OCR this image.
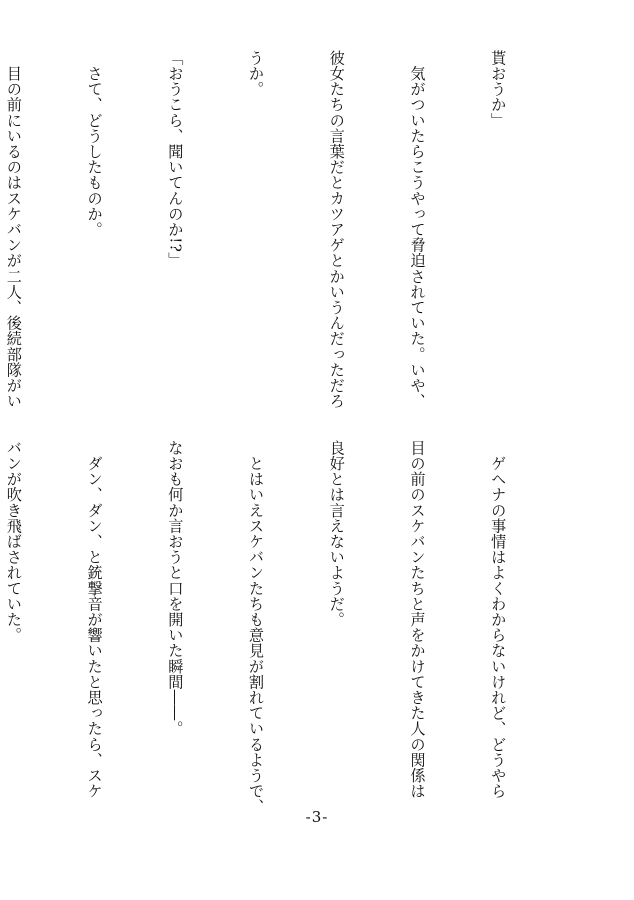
貰おうか」

　気がついたらこうやって脅迫されていた。いや、

彼女たちの言葉だとカツアゲとかいうんだっただろ

うか。

「おうこら、聞いてんのか!?」

　さて、どうしたものか。

　目の前にいるのはスケバンが二人、後続部隊がい

　ゲヘナの事情はよくわからないけれど、どうやら

目の前のスケバンたちと声をかけてきた人の関係は

良好とは言えないようだ。

　とはいえスケバンたちも意見が割れているようで、

なおも何か言おうと口を開いた瞬間――。

　ダン、ダン、と銃撃音が響いたと思ったら、スケ

バンが吹き飛ばされていた。

-3-
